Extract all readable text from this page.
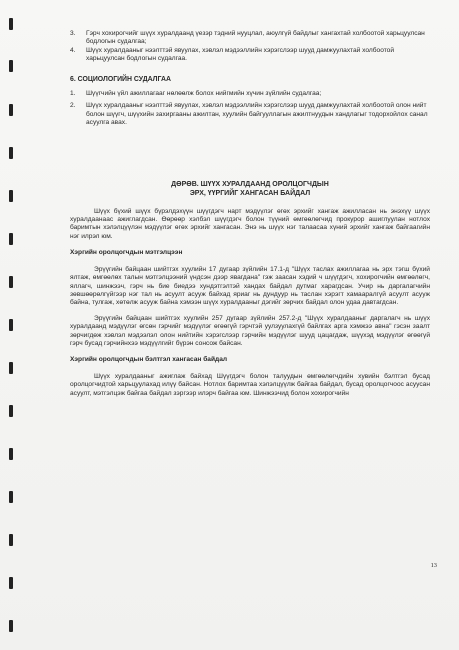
3. Гэрч хохирогчийг шүүх хуралдаанд үезэр тэдний нууцлал, аюулгүй байдлыг хангахтай холбоотой харьцуулсан бодлогын судалгаа;
4. Шүүх хуралдааныг нээлттэй явуулах, хэвлэл мэдээллийн хэрэгслээр шууд дамжуулахтай холбоотой харьцуулсан бодлогын судалгаа.
6. СОЦИОЛОГИЙН СУДАЛГАА
1. Шүүгчийн үйл ажиллагааг нөлөөлж болох нийгмийн хүчин зүйлийн судалгаа;
2. Шүүх хуралдааныг нээлттэй явуулах, хэвлэл мэдээллийн хэрэгслээр шууд дамжуулахтай холбоотой олон нийт болон шүүгч, шүүхийн захиргааны ажилтан, хуулийн байгууллагын ажилтнуудын хандлагыг тодорхойлох санал асуулга авах.
ДӨРӨВ. ШҮҮХ ХУРАЛДААНД ОРОЛЦОГЧДЫН
ЭРХ, ҮҮРГИЙГ ХАНГАСАН БАЙДАЛ

Шүүх бүхий шүүх бүрэлдэхүүн шүүгдэгч нарт мэдүүлэг өгөх эрхийг хангаж ажилласан нь энэхүү шүүх хуралдаанаас ажиглагдсан. Өөрөөр хэлбэл шүүгдэгч болон түүний өмгөөлөгчид прокурор ашиглуулан нотлох баримтын хэлэлцүүлэн мэдүүлэг өгөх эрхийг хангасан. Энэ нь шүүх нэг талаасаа хүний эрхийг хангаж байгаагийн нэг илрэл юм.

Хэргийн оролцогчдын мэтгэлцээн

Эрүүгийн байцаан шийтгэх хуулийн 17 дугаар зүйлийн 17.1-д "Шүүх таслах ажиллагаа нь эрх тэгш бүхий ялтаж, өмгөөлөх талын мэтгэлцээний үндсэн дээр явагдана" гэж заасан хэдий ч шүүгдэгч, хохирогчийн өмгөөлөгч, яллагч, шинжээч, гэрч нь бие биедээ хундэтгэлтэй хандах байдал дутмаг харагдсан. Учир нь даргалагчийн зөвшөөрөлгүйгээр нэг тал нь асуулт асууж байхад яриаг нь дундуур нь таслан хэрэгт хамааралгүй асуулт асууж байна, тулгаж, хөтөлж асууж байна хэмээн шүүх хуралдааныг дэгийг зөрчих байдал олон удаа давтагдсан.

Эрүүгийн байцаан шийтгэх хуулийн 257 дугаар зүйлийн 257.2-д "Шүүх хуралдааныг даргалагч нь шүүх хуралдаанд мэдүүлэг өгсөн гэрчийг мэдүүлэг өгөөгүй гэрчтэй уулзуулахгүй байлгах арга хэмжээ авна" гэсэн заалт зөрчигдөж хэвлэл мэдээлэл олон нийтийн хэрэгслээр гэрчийн мэдүүлэг шууд цацагдаж, шүүхэд мэдүүлэг өгөөгүй гэрч бусад гэрчийнхээ мэдүүлгийг бүрэн сонсож байсан.

Хэргийн оролцогчдын бэлтгэл хангасан байдал

Шүүх хуралдааныг ажиглаж байхад Шүүгдэгч болон талуудын өмгөөлөгчдийн хувийн бэлтгэл бусад оролцогчидтой харьцуулахад илүү байсан. Нотлох баримтаа хэлэлцүүлж байгаа байдал, бусад оролцогчоос асуусан асуулт, мэтгэлцэж байгаа байдал зэргээр илэрч байгаа юм. Шинжээчид болон хохирогчийн

13
